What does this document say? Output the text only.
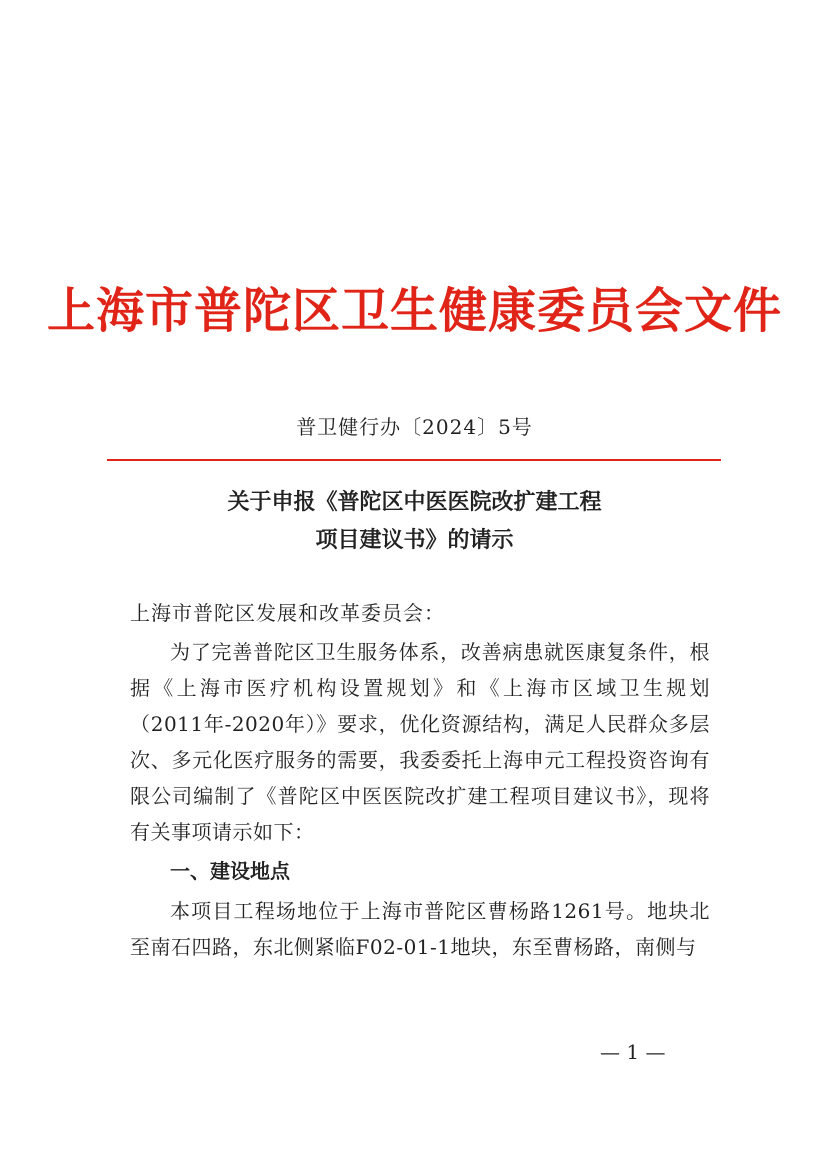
上海市普陀区卫生健康委员会文件
普卫健行办〔2024〕5号
关于申报《普陀区中医医院改扩建工程
项目建议书》的请示
上海市普陀区发展和改革委员会：

为了完善普陀区卫生服务体系，改善病患就医康复条件，根据《上海市医疗机构设置规划》和《上海市区域卫生规划（2011年-2020年）》要求，优化资源结构，满足人民群众多层次、多元化医疗服务的需要，我委委托上海申元工程投资咨询有限公司编制了《普陀区中医医院改扩建工程项目建议书》，现将有关事项请示如下：

一、建设地点

本项目工程场地位于上海市普陀区曹杨路1261号。地块北至南石四路，东北侧紧临F02-01-1地块，东至曹杨路，南侧与

— 1 —
